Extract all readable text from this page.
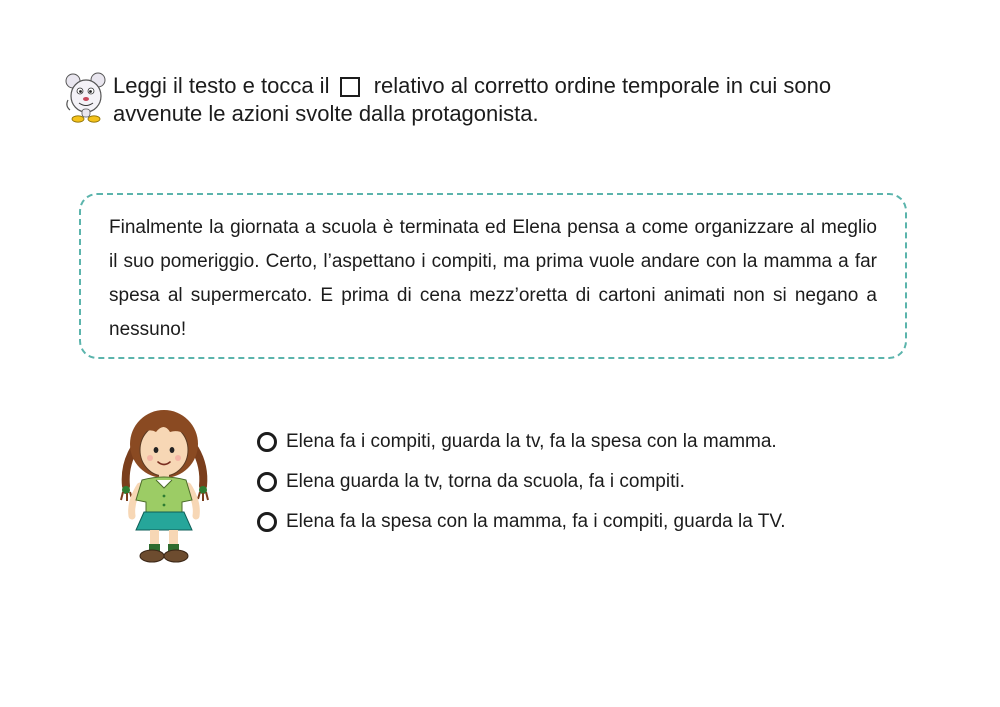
Leggi il testo e tocca il relativo al corretto ordine temporale in cui sono avvenute le azioni svolte dalla protagonista.

Finalmente la giornata a scuola è terminata ed Elena pensa a come organizzare al meglio il suo pomeriggio. Certo, l’aspettano i compiti, ma prima vuole andare con la mamma a far spesa al supermercato. E prima di cena mezz’oretta di cartoni animati non si negano a nessuno!

Elena fa i compiti, guarda la tv, fa la spesa con la mamma.
Elena guarda la tv, torna da scuola, fa i compiti.
Elena fa la spesa con la mamma, fa i compiti, guarda la TV.
